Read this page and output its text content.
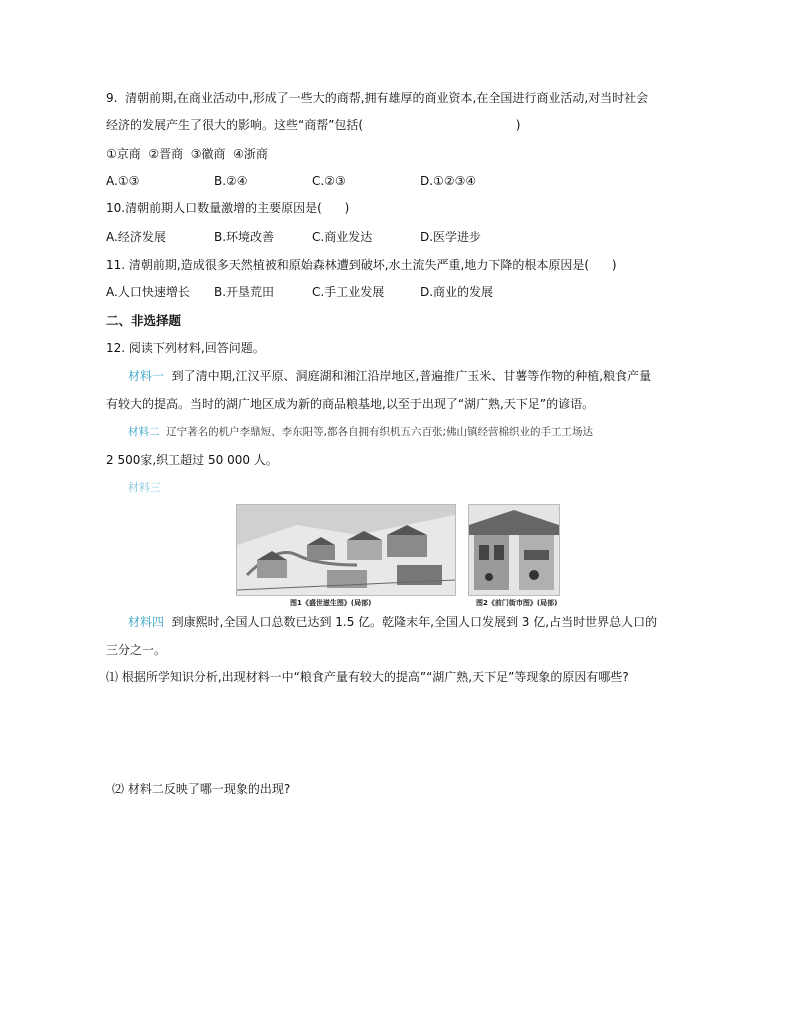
9.  清朝前期,在商业活动中,形成了一些大的商帮,拥有雄厚的商业资本,在全国进行商业活动,对当时社会
经济的发展产生了很大的影响。这些“商帮”包括(                                        )
①京商  ②晋商  ③徽商  ④浙商
A.①③	B.②④	C.②③	D.①②③④
10.清朝前期人口数量激增的主要原因是(      )
A.经济发展	B.环境改善	C.商业发达	D.医学进步
11. 清朝前期,造成很多天然植被和原始森林遭到破坏,水土流失严重,地力下降的根本原因是(      )
A.人口快速增长 B.开垦荒田	C.手工业发展	D.商业的发展
二、非选择题
12. 阅读下列材料,回答问题。
材料一  到了清中期,江汉平原、洞庭湖和湘江沿岸地区,普遍推广玉米、甘薯等作物的种植,粮食产量
有较大的提高。当时的湖广地区成为新的商品粮基地,以至于出现了“湖广熟,天下足”的谚语。
材料二  辽宁著名的机户李鼎短、李东阳等,都各自拥有织机五六百张;佛山镇经营棉织业的手工工场达
2 500家,织工超过 50 000 人。
材料三
图1《盛世滋生图》(局部)	图2《前门街市图》(局部)
材料四  到康熙时,全国人口总数已达到 1.5 亿。乾隆末年,全国人口发展到 3 亿,占当时世界总人口的
三分之一。
⑴ 根据所学知识分析,出现材料一中“粮食产量有较大的提高”“湖广熟,天下足”等现象的原因有哪些?
⑵ 材料二反映了哪一现象的出现?
